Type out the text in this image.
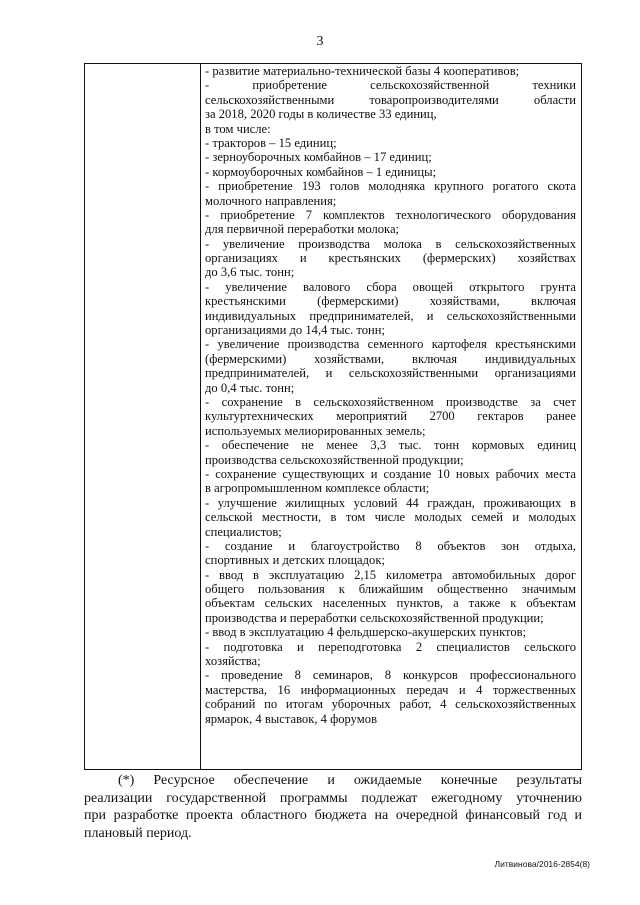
3
- развитие материально-технической базы 4 кооперативов;
- приобретение сельскохозяйственной техники
сельскохозяйственными товаропроизводителями области
за 2018, 2020 годы в количестве 33 единиц,
в том числе:
- тракторов – 15 единиц;
- зерноуборочных комбайнов – 17 единиц;
- кормоуборочных комбайнов – 1 единицы;
- приобретение 193 голов молодняка крупного рогатого скота
молочного направления;
- приобретение 7 комплектов технологического оборудования
для первичной переработки молока;
- увеличение производства молока в сельскохозяйственных
организациях и крестьянских (фермерских) хозяйствах
до 3,6 тыс. тонн;
- увеличение валового сбора овощей открытого грунта
крестьянскими (фермерскими) хозяйствами, включая
индивидуальных предпринимателей, и сельскохозяйственными
организациями до 14,4 тыс. тонн;
- увеличение производства семенного картофеля крестьянскими
(фермерскими) хозяйствами, включая индивидуальных
предпринимателей, и сельскохозяйственными организациями
до 0,4 тыс. тонн;
- сохранение в сельскохозяйственном производстве за счет
культуртехнических мероприятий 2700 гектаров ранее
используемых мелиорированных земель;
- обеспечение не менее 3,3 тыс. тонн кормовых единиц
производства сельскохозяйственной продукции;
- сохранение существующих и создание 10 новых рабочих места
в агропромышленном комплексе области;
- улучшение жилищных условий 44 граждан, проживающих в
сельской местности, в том числе молодых семей и молодых
специалистов;
- создание и благоустройство 8 объектов зон отдыха,
спортивных и детских площадок;
- ввод в эксплуатацию 2,15 километра автомобильных дорог
общего пользования к ближайшим общественно значимым
объектам сельских населенных пунктов, а также к объектам
производства и переработки сельскохозяйственной продукции;
- ввод в эксплуатацию 4 фельдшерско-акушерских пунктов;
- подготовка и переподготовка 2 специалистов сельского
хозяйства;
- проведение 8 семинаров, 8 конкурсов профессионального
мастерства, 16 информационных передач и 4 торжественных
собраний по итогам уборочных работ, 4 сельскохозяйственных
ярмарок, 4 выставок, 4 форумов
(*) Ресурсное обеспечение и ожидаемые конечные результаты
реализации государственной программы подлежат ежегодному уточнению
при разработке проекта областного бюджета на очередной финансовый год и
плановый период.
Литвинова/2016-2854(8)
